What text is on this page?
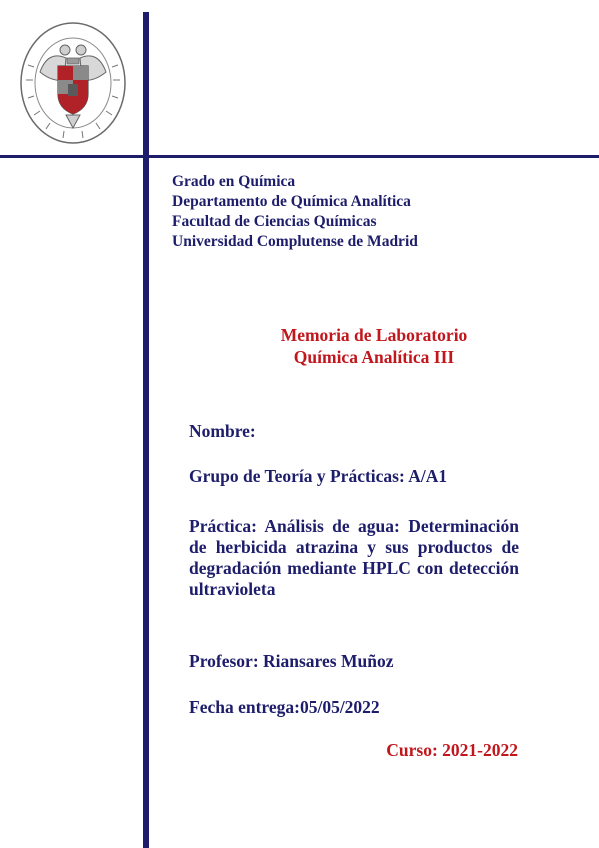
Grado en Química
Departamento de Química Analítica
Facultad de Ciencias Químicas
Universidad Complutense de Madrid
Memoria de Laboratorio
Química Analítica III
Nombre:
Grupo de Teoría y Prácticas: A/A1
Práctica: Análisis de agua: Determinación de herbicida atrazina y sus productos de degradación mediante HPLC con detección ultravioleta
Profesor: Riansares Muñoz
Fecha entrega:05/05/2022
Curso: 2021-2022
